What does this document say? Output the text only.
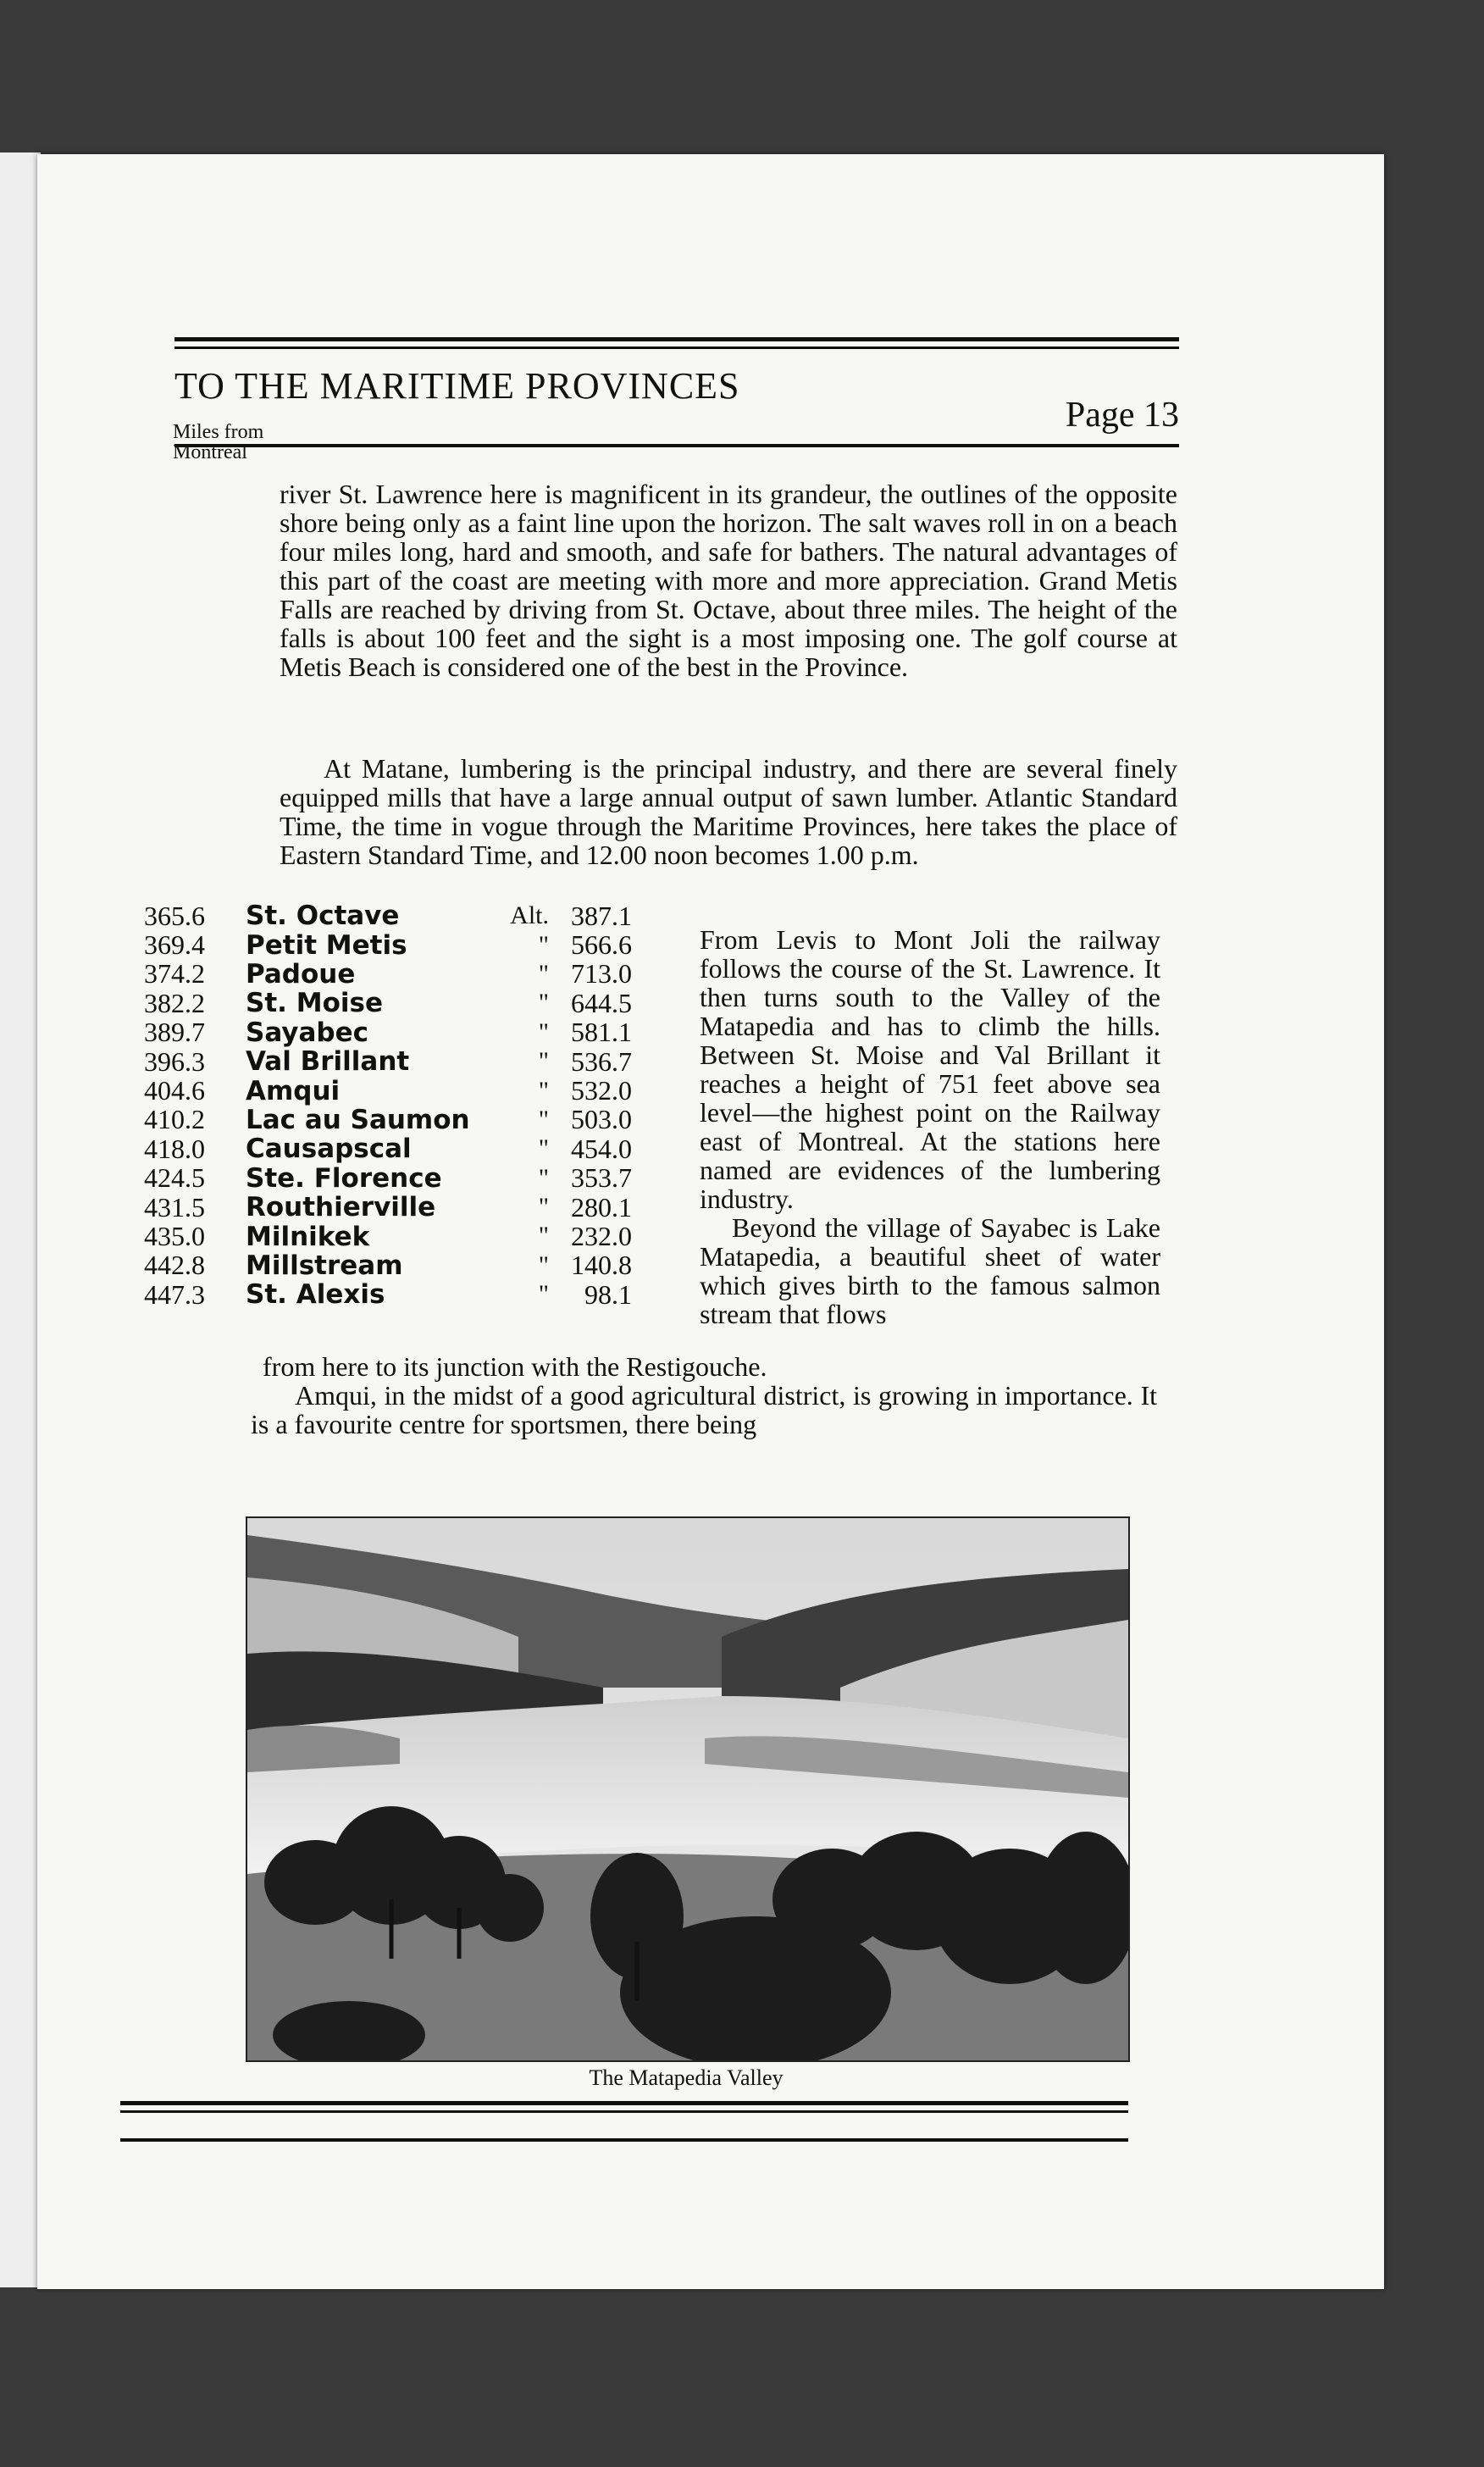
TO THE MARITIME PROVINCES
Page 13
Miles from
Montreal
river St. Lawrence here is magnificent in its grandeur, the outlines of the opposite shore being only as a faint line upon the horizon. The salt waves roll in on a beach four miles long, hard and smooth, and safe for bathers. The natural advantages of this part of the coast are meeting with more and more appreciation. Grand Metis Falls are reached by driving from St. Octave, about three miles. The height of the falls is about 100 feet and the sight is a most imposing one. The golf course at Metis Beach is considered one of the best in the Province.
At Matane, lumbering is the principal industry, and there are several finely equipped mills that have a large annual output of sawn lumber. Atlantic Standard Time, the time in vogue through the Maritime Provinces, here takes the place of Eastern Standard Time, and 12.00 noon becomes 1.00 p.m.
365.6	St. Octave	Alt. 387.1
369.4	Petit Metis	" 566.6
374.2	Padoue	" 713.0
382.2	St. Moise	" 644.5
389.7	Sayabec	" 581.1
396.3	Val Brillant	" 536.7
404.6	Amqui	" 532.0
410.2	Lac au Saumon	" 503.0
418.0	Causapscal	" 454.0
424.5	Ste. Florence	" 353.7
431.5	Routhierville	" 280.1
435.0	Milnikek	" 232.0
442.8	Millstream	" 140.8
447.3	St. Alexis	"	98.1

From Levis to Mont Joli the railway follows the course of the St. Lawrence. It then turns south to the Valley of the Matapedia and has to climb the hills. Between St. Moise and Val Brillant it reaches a height of 751 feet above sea level—the highest point on the Railway east of Montreal. At the stations here named are evidences of the lumbering industry.

Beyond the village of Sayabec is Lake Matapedia, a beautiful sheet of water which gives birth to the famous salmon stream that flows

from here to its junction with the Restigouche.
Amqui, in the midst of a good agricultural district, is growing in importance. It is a favourite centre for sportsmen, there being
The Matapedia Valley
